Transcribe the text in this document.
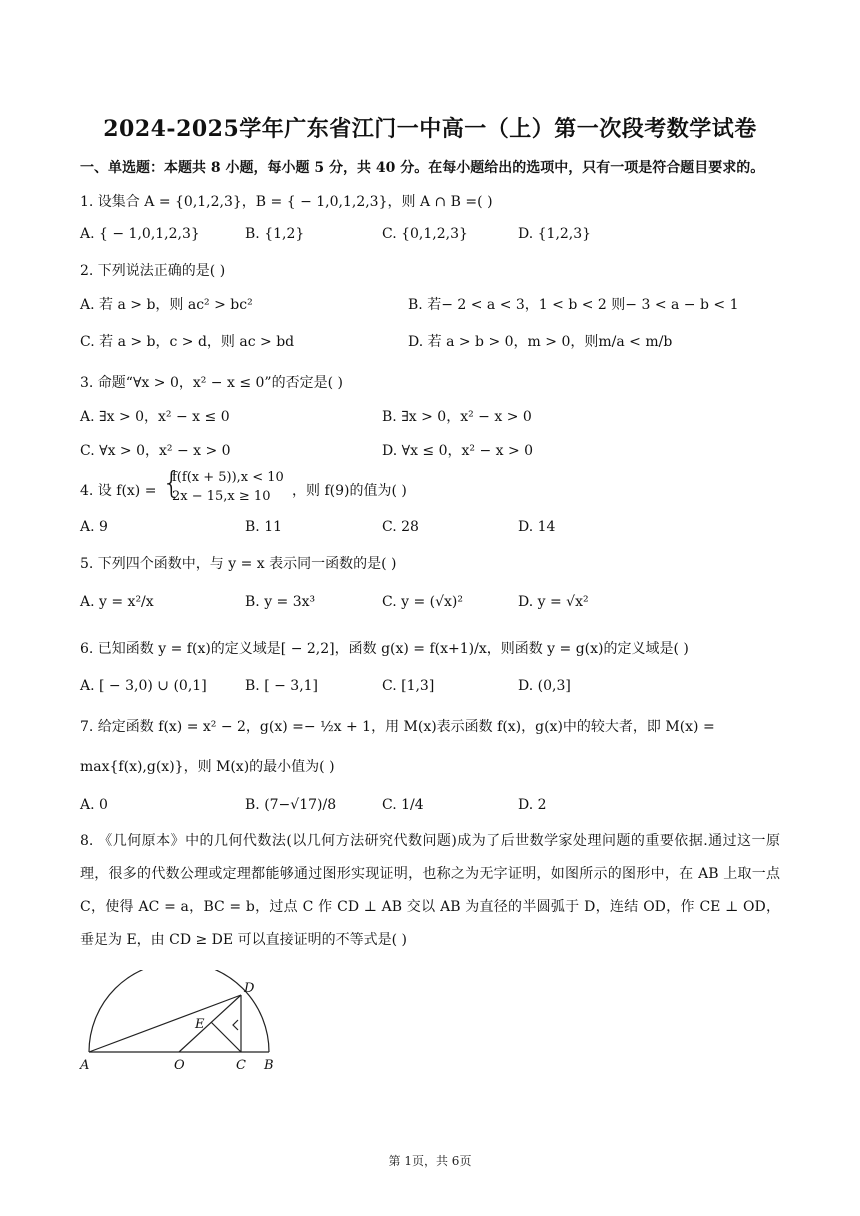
2024-2025学年广东省江门一中高一（上）第一次段考数学试卷
一、单选题：本题共 8 小题，每小题 5 分，共 40 分。在每小题给出的选项中，只有一项是符合题目要求的。
1. 设集合 A = {0,1,2,3}，B = { − 1,0,1,2,3}，则 A ∩ B =( )
A. { − 1,0,1,2,3}	B. {1,2}	C. {0,1,2,3}	D. {1,2,3}
2. 下列说法正确的是( )
A. 若 a > b，则 ac² > bc²	B. 若− 2 < a < 3，1 < b < 2 则− 3 < a − b < 1
C. 若 a > b，c > d，则 ac > bd	D. 若 a > b > 0，m > 0，则m/a < m/b
3. 命题“∀x > 0，x² − x ≤ 0”的否定是( )
A. ∃x > 0，x² − x ≤ 0	B. ∃x > 0，x² − x > 0
C. ∀x > 0，x² − x > 0	D. ∀x ≤ 0，x² − x > 0
4. 设 f(x) = {
f(f(x + 5)),x < 10
2x − 15,x ≥ 10 ，则 f(9)的值为( )
A. 9	B. 11	C. 28	D. 14
5. 下列四个函数中，与 y = x 表示同一函数的是( )
A. y = x²/x	B. y = 3x³	C. y = (√x)²	D. y = √x²
6. 已知函数 y = f(x)的定义域是[ − 2,2]，函数 g(x) = f(x+1)/x，则函数 y = g(x)的定义域是( )
A. [ − 3,0) ∪ (0,1]	B. [ − 3,1]	C. [1,3]	D. (0,3]
7. 给定函数 f(x) = x² − 2，g(x) =− ½x + 1，用 M(x)表示函数 f(x)，g(x)中的较大者，即 M(x) =
max{f(x),g(x)}，则 M(x)的最小值为( )
A. 0	B. (7−√17)/8	C. 1/4	D. 2
8. 《几何原本》中的几何代数法(以几何方法研究代数问题)成为了后世数学家处理问题的重要依据.通过这一原理，很多的代数公理或定理都能够通过图形实现证明，也称之为无字证明，如图所示的图形中，在 AB 上取一点 C，使得 AC = a，BC = b，过点 C 作 CD ⊥ AB 交以 AB 为直径的半圆弧于 D，连结 OD，作 CE ⊥ OD，垂足为 E，由 CD ≥ DE 可以直接证明的不等式是( )
A	O	C B
D
E
第 1页，共 6页
